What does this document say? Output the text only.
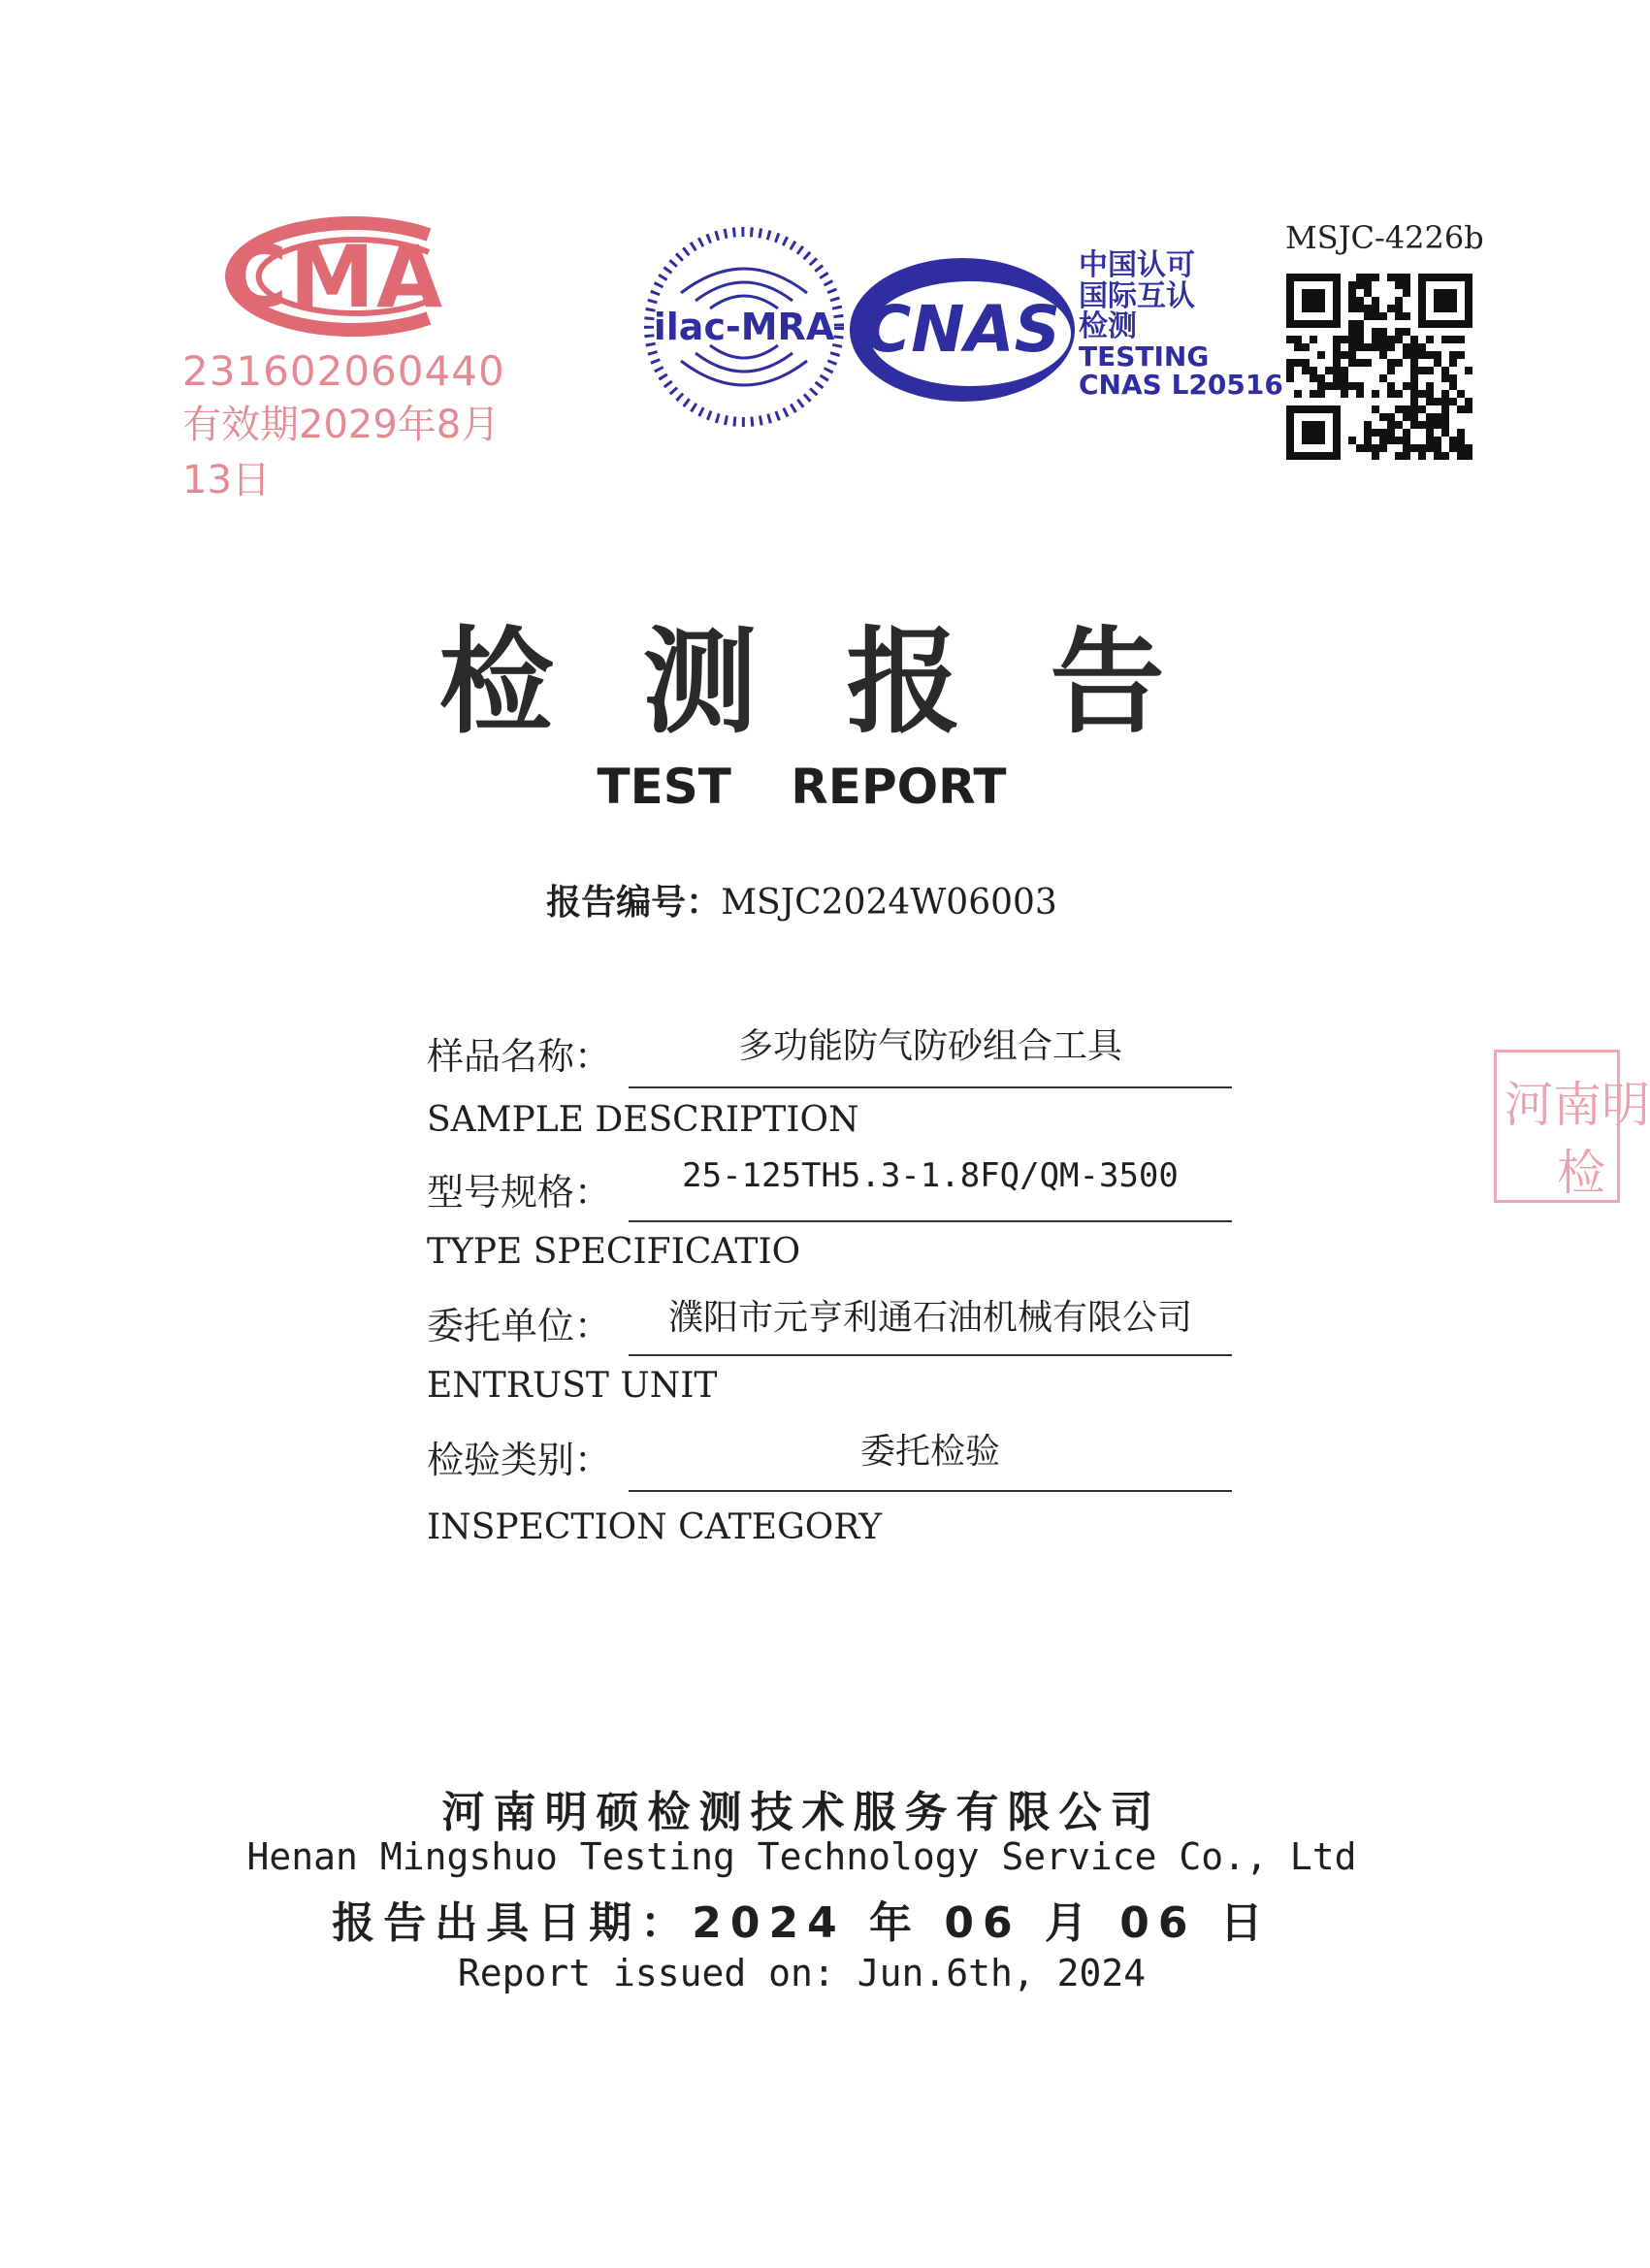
CMA
231602060440
有效期2029年8月13日
ilac-MRA CNAS
中国认可
国际互认
检测
TESTING
CNAS L20516
MSJC-4226b
检测报告
TEST REPORT
报告编号：MSJC2024W06003
样品名称：	多功能防气防砂组合工具
SAMPLE DESCRIPTION
型号规格：	25-125TH5.3-1.8FQ/QM-3500
TYPE SPECIFICATIO
委托单位：	濮阳市元亨利通石油机械有限公司
ENTRUST UNIT
检验类别：	委托检验
INSPECTION CATEGORY
河南明
检
河南明硕检测技术服务有限公司
Henan Mingshuo Testing Technology Service Co., Ltd
报告出具日期：2024 年 06 月 06 日
Report issued on: Jun.6th, 2024
